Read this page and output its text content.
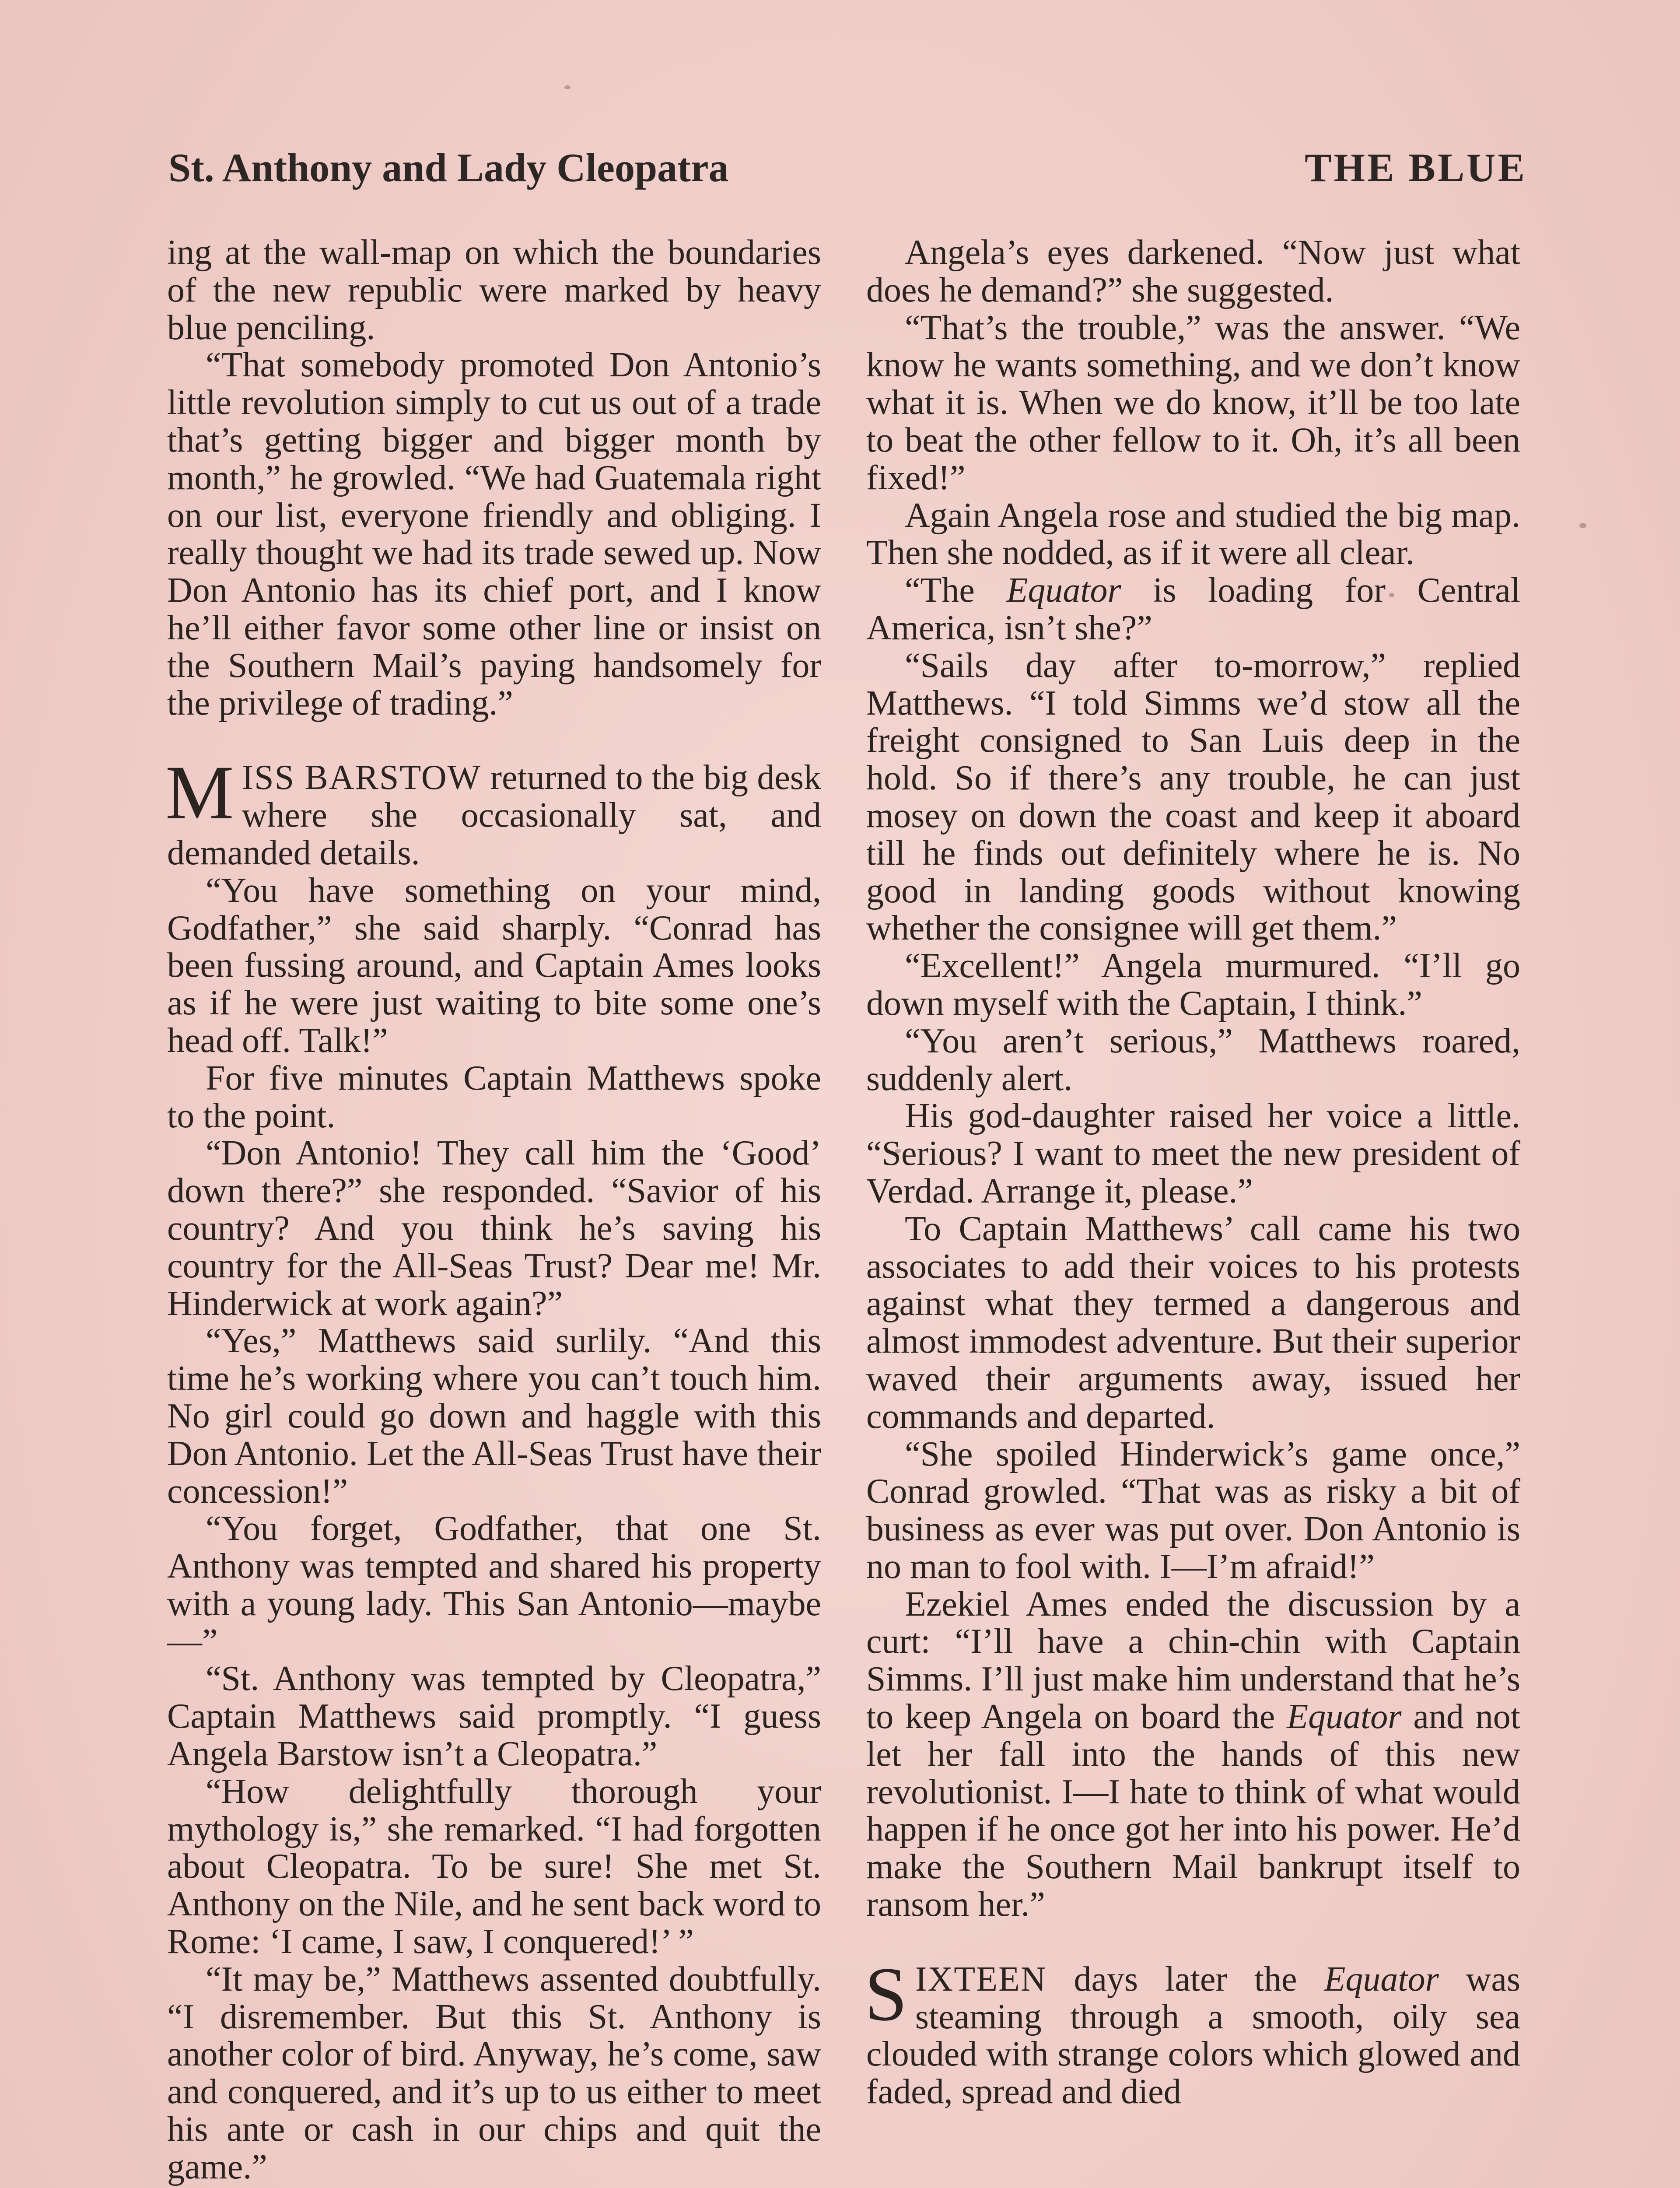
St. Anthony and Lady Cleopatra	THE BLUE

ing at the wall-map on which the boundaries of the new republic were marked by heavy blue penciling.

“That somebody promoted Don Antonio’s little revolution simply to cut us out of a trade that’s getting bigger and bigger month by month,” he growled. “We had Guatemala right on our list, everyone friendly and obliging. I really thought we had its trade sewed up. Now Don Antonio has its chief port, and I know he’ll either favor some other line or insist on the Southern Mail’s paying handsomely for the privilege of trading.”

MISS BARSTOW returned to the big desk where she occasionally sat, and demanded details.

“You have something on your mind, Godfather,” she said sharply. “Conrad has been fussing around, and Captain Ames looks as if he were just waiting to bite some one’s head off. Talk!”

For five minutes Captain Matthews spoke to the point.

“Don Antonio! They call him the ‘Good’ down there?” she responded. “Savior of his country? And you think he’s saving his country for the All-Seas Trust? Dear me! Mr. Hinderwick at work again?”

“Yes,” Matthews said surlily. “And this time he’s working where you can’t touch him. No girl could go down and haggle with this Don Antonio. Let the All-Seas Trust have their concession!”

“You forget, Godfather, that one St. Anthony was tempted and shared his property with a young lady. This San Antonio—maybe—”

“St. Anthony was tempted by Cleopatra,” Captain Matthews said promptly. “I guess Angela Barstow isn’t a Cleopatra.”

“How delightfully thorough your mythology is,” she remarked. “I had forgotten about Cleopatra. To be sure! She met St. Anthony on the Nile, and he sent back word to Rome: ‘I came, I saw, I conquered!’ ”

“It may be,” Matthews assented doubtfully. “I disremember. But this St. Anthony is another color of bird. Anyway, he’s come, saw and conquered, and it’s up to us either to meet his ante or cash in our chips and quit the game.”

Angela’s eyes darkened. “Now just what does he demand?” she suggested.

“That’s the trouble,” was the answer. “We know he wants something, and we don’t know what it is. When we do know, it’ll be too late to beat the other fellow to it. Oh, it’s all been fixed!”

Again Angela rose and studied the big map. Then she nodded, as if it were all clear.

“The Equator is loading for Central America, isn’t she?”

“Sails day after to-morrow,” replied Matthews. “I told Simms we’d stow all the freight consigned to San Luis deep in the hold. So if there’s any trouble, he can just mosey on down the coast and keep it aboard till he finds out definitely where he is. No good in landing goods without knowing whether the consignee will get them.”

“Excellent!” Angela murmured. “I’ll go down myself with the Captain, I think.”

“You aren’t serious,” Matthews roared, suddenly alert.

His god-daughter raised her voice a little. “Serious? I want to meet the new president of Verdad. Arrange it, please.”

To Captain Matthews’ call came his two associates to add their voices to his protests against what they termed a dangerous and almost immodest adventure. But their superior waved their arguments away, issued her commands and departed.

“She spoiled Hinderwick’s game once,” Conrad growled. “That was as risky a bit of business as ever was put over. Don Antonio is no man to fool with. I—I’m afraid!”

Ezekiel Ames ended the discussion by a curt: “I’ll have a chin-chin with Captain Simms. I’ll just make him understand that he’s to keep Angela on board the Equator and not let her fall into the hands of this new revolutionist. I—I hate to think of what would happen if he once got her into his power. He’d make the Southern Mail bankrupt itself to ransom her.”

SIXTEEN days later the Equator was steaming through a smooth, oily sea clouded with strange colors which glowed and faded, spread and died
